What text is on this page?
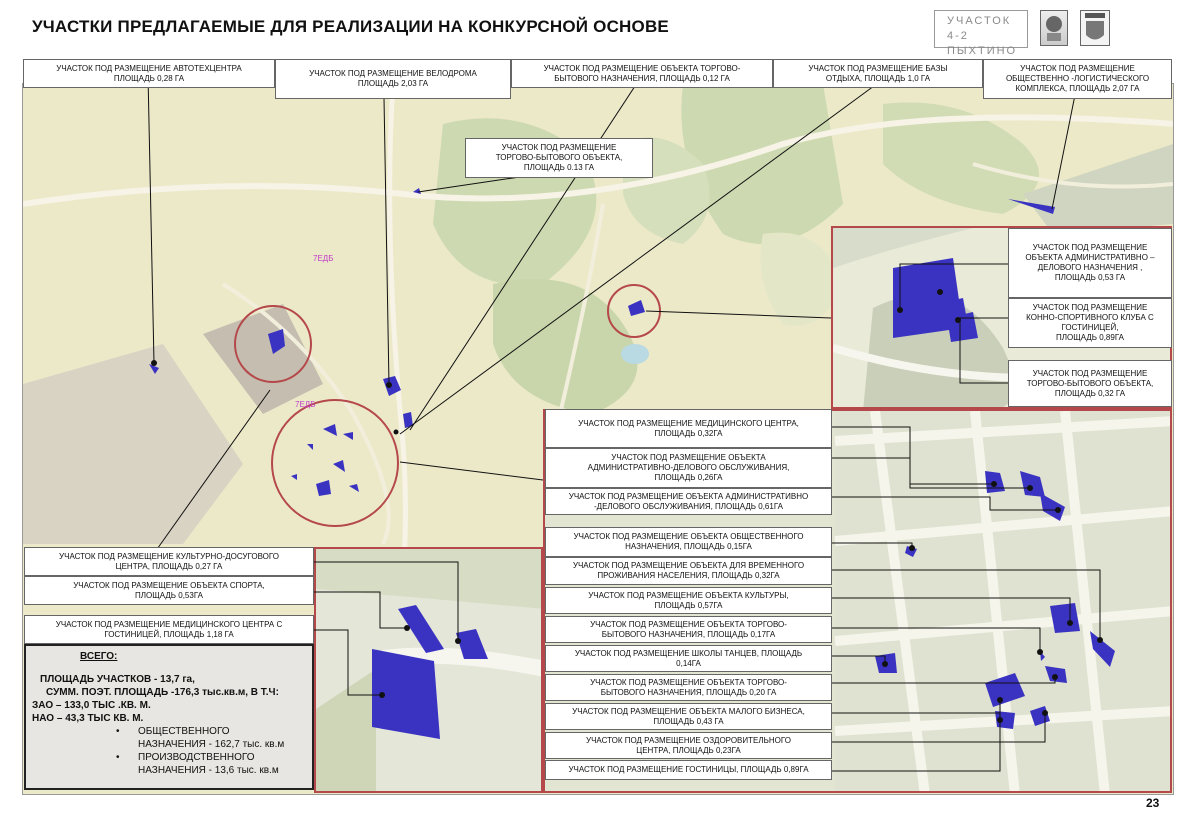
УЧАСТКИ ПРЕДЛАГАЕМЫЕ ДЛЯ РЕАЛИЗАЦИИ НА КОНКУРСНОЙ ОСНОВЕ	УЧАСТОК 4-2
ПЫХТИНО
7ЕДБ
7ЕДБ
УЧАСТОК ПОД РАЗМЕЩЕНИЕ АВТОТЕХЦЕНТРА
ПЛОЩАДЬ 0,28 ГА	УЧАСТОК ПОД РАЗМЕЩЕНИЕ ВЕЛОДРОМА
ПЛОЩАДЬ 2,03 ГА
УЧАСТОК ПОД РАЗМЕЩЕНИЕ ОБЪЕКТА ТОРГОВО-
БЫТОВОГО НАЗНАЧЕНИЯ, ПЛОЩАДЬ 0,12 ГА
УЧАСТОК ПОД РАЗМЕЩЕНИЕ БАЗЫ
ОТДЫХА, ПЛОЩАДЬ 1,0 ГА
УЧАСТОК ПОД РАЗМЕЩЕНИЕ
ОБЩЕСТВЕННО -ЛОГИСТИЧЕСКОГО
КОМПЛЕКСА, ПЛОЩАДЬ 2,07 ГА
УЧАСТОК ПОД РАЗМЕЩЕНИЕ
ТОРГОВО-БЫТОВОГО ОБЪЕКТА,
ПЛОЩАДЬ 0.13 ГА
УЧАСТОК ПОД РАЗМЕЩЕНИЕ
ОБЪЕКТА АДМИНИСТРАТИВНО –
ДЕЛОВОГО НАЗНАЧЕНИЯ ,
ПЛОЩАДЬ 0,53 ГА
УЧАСТОК ПОД РАЗМЕЩЕНИЕ
КОННО-СПОРТИВНОГО КЛУБА С
ГОСТИНИЦЕЙ,
ПЛОЩАДЬ 0,89ГА
УЧАСТОК ПОД РАЗМЕЩЕНИЕ
ТОРГОВО-БЫТОВОГО ОБЪЕКТА,
ПЛОЩАДЬ 0,32 ГА
УЧАСТОК ПОД РАЗМЕЩЕНИЕ МЕДИЦИНСКОГО ЦЕНТРА,
ПЛОЩАДЬ 0,32ГА
УЧАСТОК ПОД РАЗМЕЩЕНИЕ ОБЪЕКТА
АДМИНИСТРАТИВНО-ДЕЛОВОГО ОБСЛУЖИВАНИЯ,
ПЛОЩАДЬ 0,26ГА
УЧАСТОК ПОД РАЗМЕЩЕНИЕ ОБЪЕКТА АДМИНИСТРАТИВНО
-ДЕЛОВОГО ОБСЛУЖИВАНИЯ, ПЛОЩАДЬ 0,61ГА
УЧАСТОК ПОД РАЗМЕЩЕНИЕ ОБЪЕКТА ОБЩЕСТВЕННОГО
НАЗНАЧЕНИЯ, ПЛОЩАДЬ 0,15ГА
УЧАСТОК ПОД РАЗМЕЩЕНИЕ ОБЪЕКТА ДЛЯ ВРЕМЕННОГО
ПРОЖИВАНИЯ НАСЕЛЕНИЯ, ПЛОЩАДЬ 0,32ГА
УЧАСТОК ПОД РАЗМЕЩЕНИЕ ОБЪЕКТА КУЛЬТУРЫ,
ПЛОЩАДЬ 0,57ГА
УЧАСТОК ПОД РАЗМЕЩЕНИЕ ОБЪЕКТА ТОРГОВО-
БЫТОВОГО НАЗНАЧЕНИЯ, ПЛОЩАДЬ 0,17ГА
УЧАСТОК ПОД РАЗМЕЩЕНИЕ ШКОЛЫ ТАНЦЕВ, ПЛОЩАДЬ
0,14ГА
УЧАСТОК ПОД РАЗМЕЩЕНИЕ ОБЪЕКТА ТОРГОВО-
БЫТОВОГО НАЗНАЧЕНИЯ, ПЛОЩАДЬ 0,20 ГА
УЧАСТОК ПОД РАЗМЕЩЕНИЕ ОБЪЕКТА МАЛОГО БИЗНЕСА,
ПЛОЩАДЬ 0,43 ГА
УЧАСТОК ПОД РАЗМЕЩЕНИЕ ОЗДОРОВИТЕЛЬНОГО
ЦЕНТРА, ПЛОЩАДЬ 0,23ГА
УЧАСТОК ПОД РАЗМЕЩЕНИЕ ГОСТИНИЦЫ, ПЛОЩАДЬ 0,89ГА
УЧАСТОК ПОД РАЗМЕЩЕНИЕ КУЛЬТУРНО-ДОСУГОВОГО
ЦЕНТРА, ПЛОЩАДЬ 0,27 ГА
УЧАСТОК ПОД РАЗМЕЩЕНИЕ ОБЪЕКТА СПОРТА,
ПЛОЩАДЬ 0,53ГА
УЧАСТОК ПОД РАЗМЕЩЕНИЕ МЕДИЦИНСКОГО ЦЕНТРА С
ГОСТИНИЦЕЙ, ПЛОЩАДЬ 1,18 ГА
ВСЕГО:
ПЛОЩАДЬ УЧАСТКОВ - 13,7 га,
СУММ. ПОЭТ. ПЛОЩАДЬ -176,3 тыс.кв.м, В Т.Ч:
ЗАО – 133,0 ТЫС .КВ. М.
НАО – 43,3 ТЫС КВ. М.
•	ОБЩЕСТВЕННОГО
НАЗНАЧЕНИЯ - 162,7 тыс. кв.м
•	ПРОИЗВОДСТВЕННОГО
НАЗНАЧЕНИЯ - 13,6 тыс. кв.м
23
